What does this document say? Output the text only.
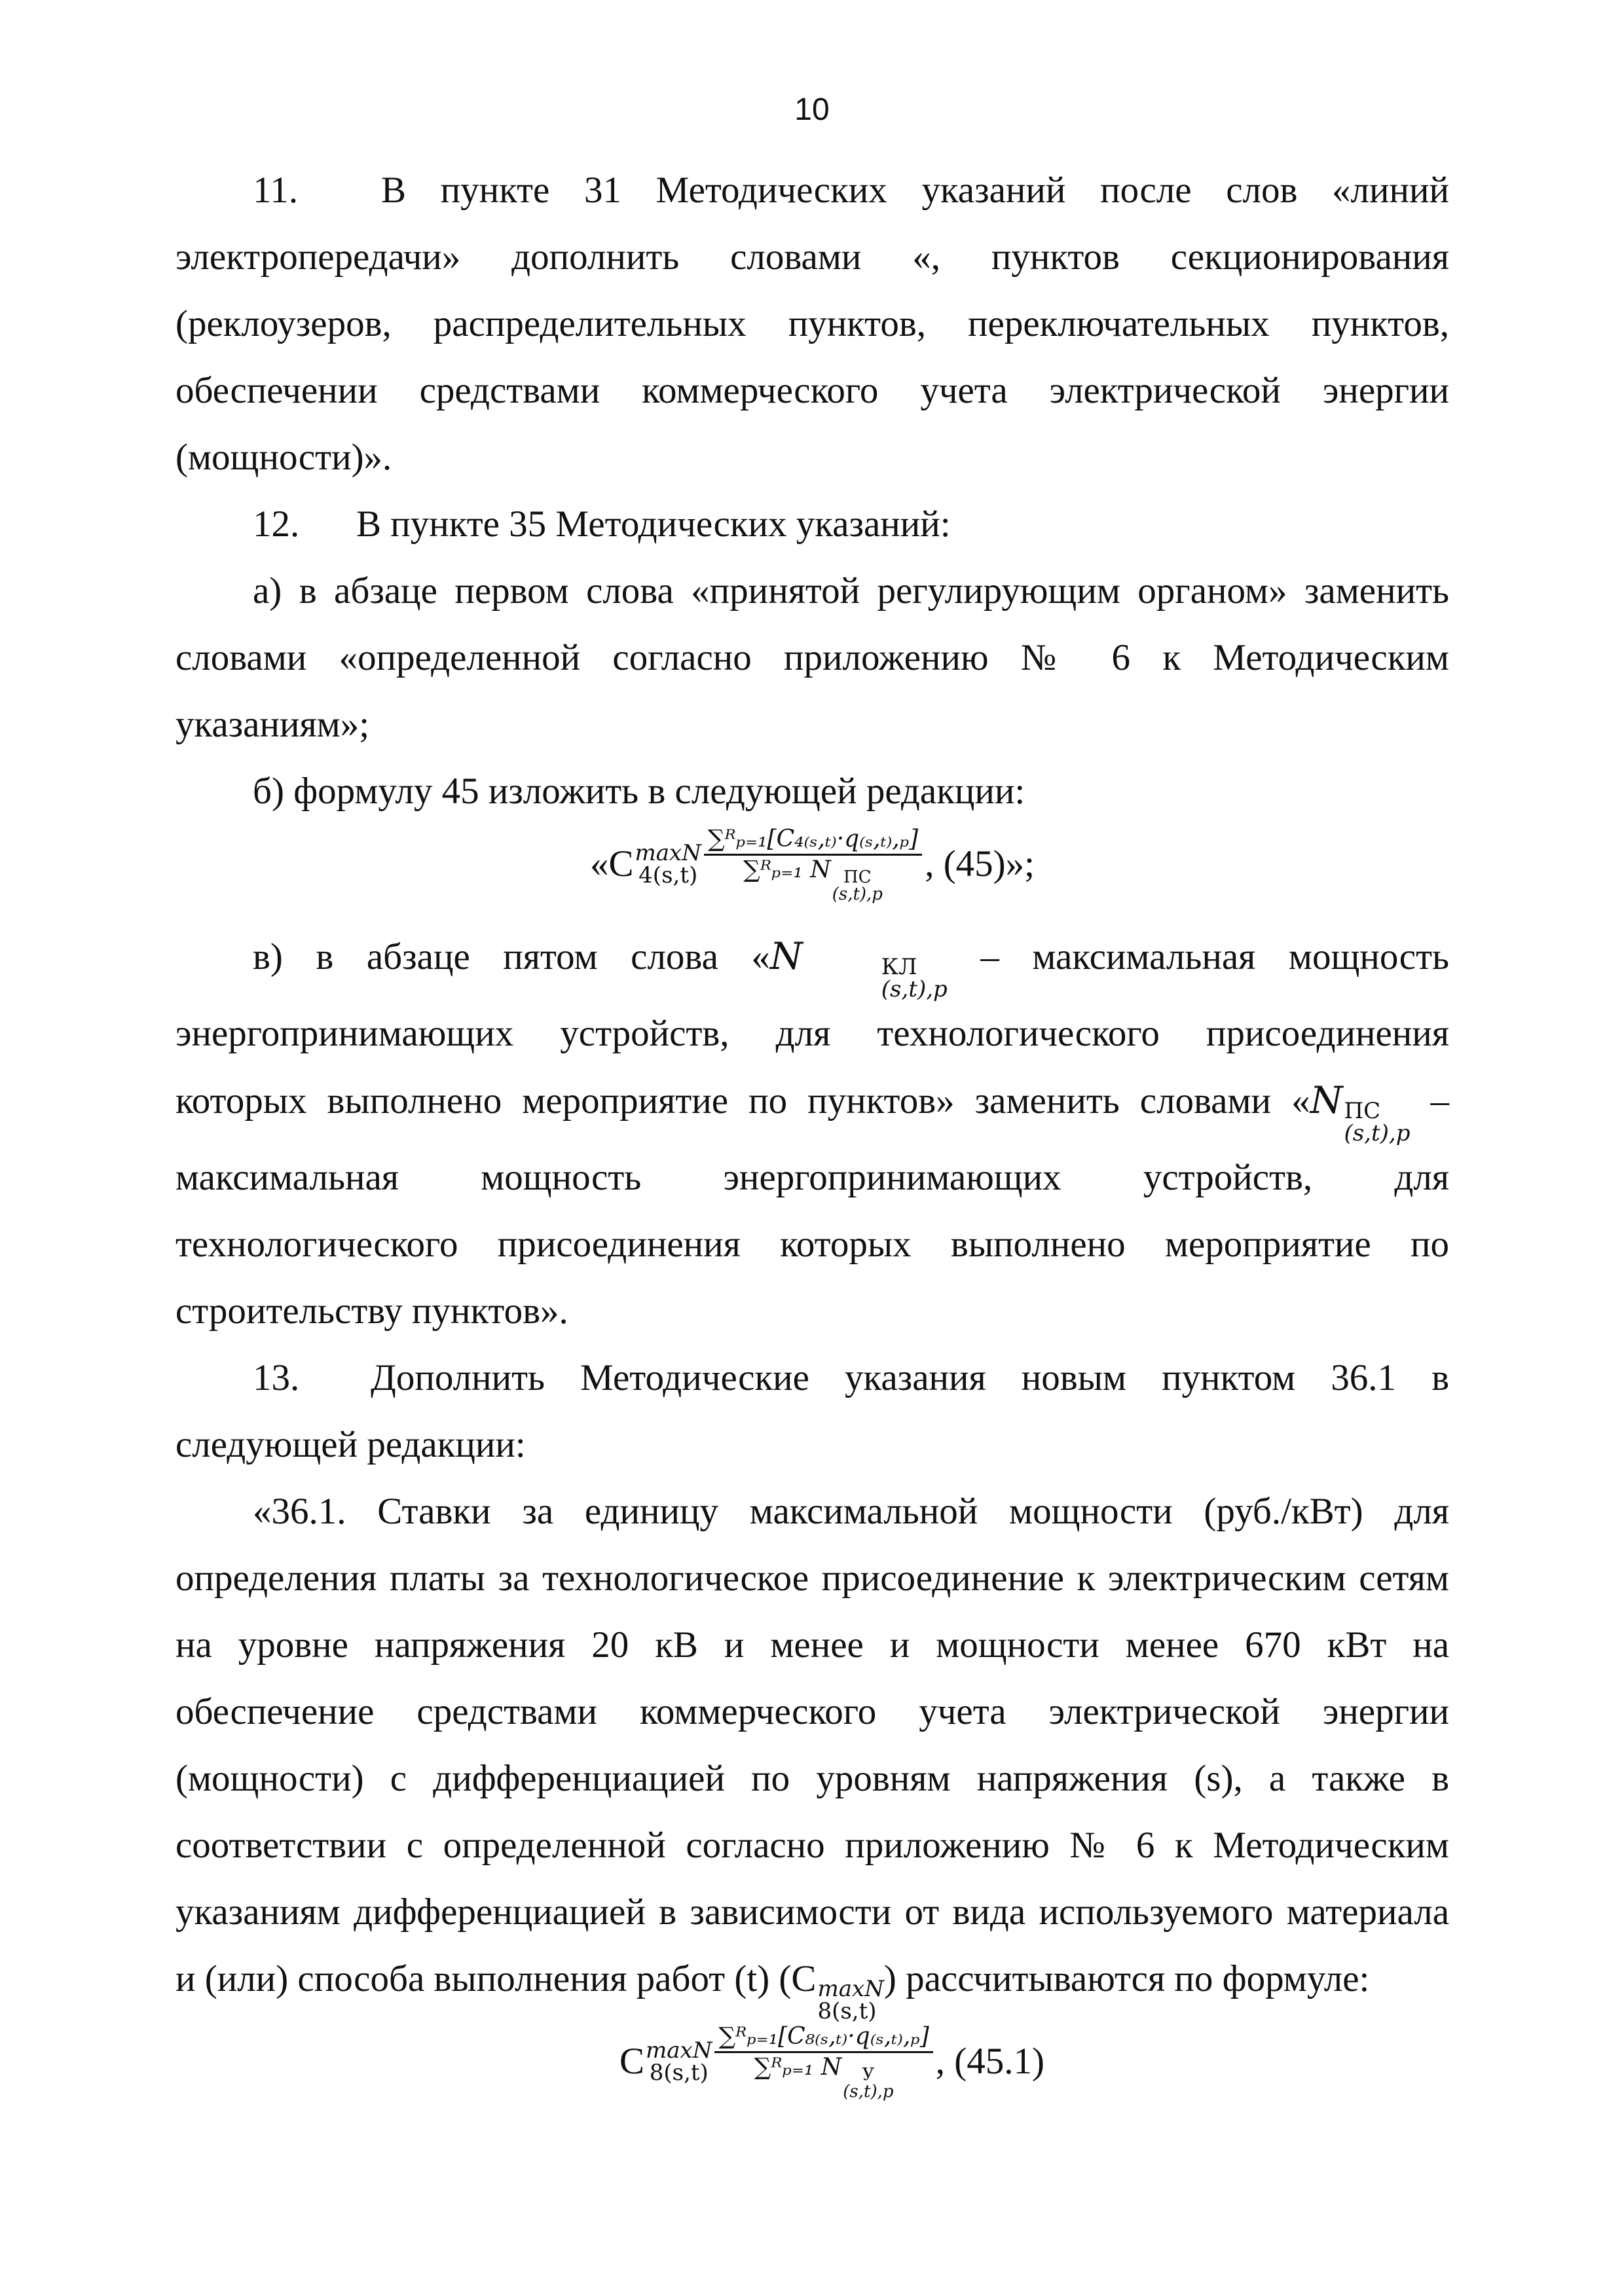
10

11. В пункте 31 Методических указаний после слов «линий

электропередачи» дополнить словами «, пунктов секционирования

(реклоузеров, распределительных пунктов, переключательных пунктов,

обеспечении средствами коммерческого учета электрической энергии

(мощности)».

12. В пункте 35 Методических указаний:

а) в абзаце первом слова «принятой регулирующим органом» заменить

словами «определенной согласно приложению № 6 к Методическим

указаниям»;

б) формулу 45 изложить в следующей редакции:

« C maxN
4(s,t) ∑ᴿₚ₌₁[C₄₍ₛ,ₜ₎·q₍ₛ,ₜ₎,ₚ]
∑ᴿₚ₌₁ N ПС
(s,t),p , (45)»;

в) в абзаце пятом слова «N	КЛ
(s,t),p
– максимальная мощность

энергопринимающих устройств, для технологического присоединения

которых выполнено мероприятие по пунктов» заменить словами «N ПС
(s,t),p
–

максимальная мощность энергопринимающих устройств, для

технологического присоединения которых выполнено мероприятие по

строительству пунктов».

13. Дополнить Методические указания новым пунктом 36.1 в

следующей редакции:

«36.1. Ставки за единицу максимальной мощности (руб./кВт) для

определения платы за технологическое присоединение к электрическим сетям

на уровне напряжения 20 кВ и менее и мощности менее 670 кВт на

обеспечение средствами коммерческого учета электрической энергии

(мощности) с дифференциацией по уровням напряжения (s), а также в

соответствии с определенной согласно приложению № 6 к Методическим

указаниям дифференциацией в зависимости от вида используемого материала

и (или) способа выполнения работ (t) (C maxN
8(s,t)
) рассчитываются по формуле:

C maxN
8(s,t) ∑ᴿₚ₌₁[C₈₍ₛ,ₜ₎·q₍ₛ,ₜ₎,ₚ]
∑ᴿₚ₌₁ N	У
(s,t),p , (45.1)
